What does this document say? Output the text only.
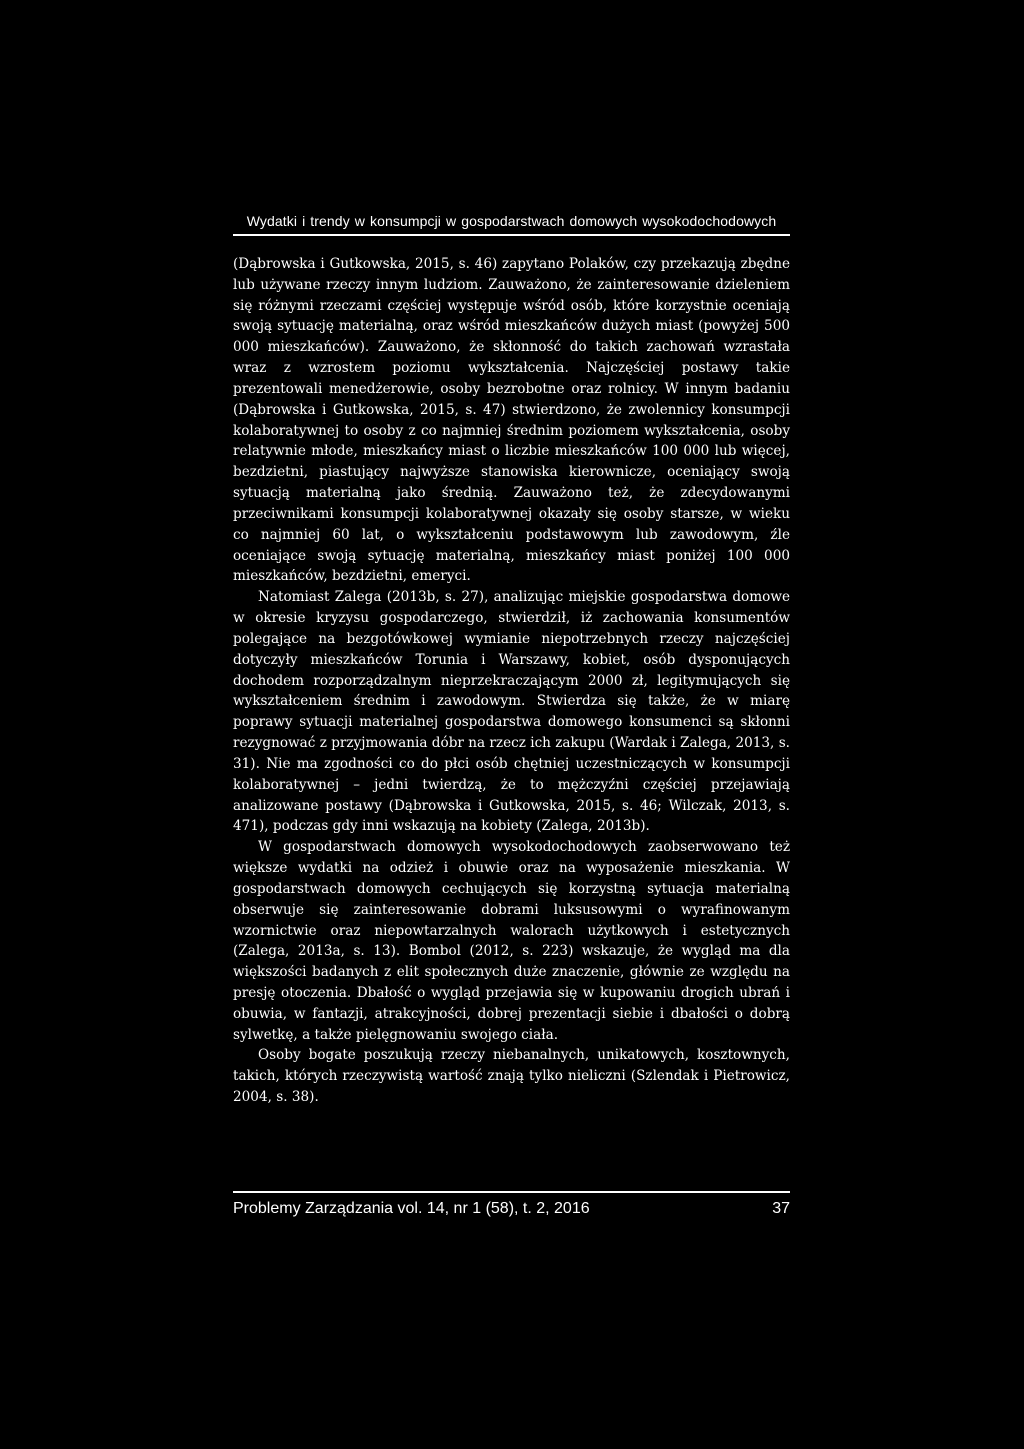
Wydatki i trendy w konsumpcji w gospodarstwach domowych wysokodochodowych

(Dąbrowska i Gutkowska, 2015, s. 46) zapytano Polaków, czy przekazują zbędne lub używane rzeczy innym ludziom. Zauważono, że zainteresowanie dzieleniem się różnymi rzeczami częściej występuje wśród osób, które korzystnie oceniają swoją sytuację materialną, oraz wśród mieszkańców dużych miast (powyżej 500 000 mieszkańców). Zauważono, że skłonność do takich zachowań wzrastała wraz z wzrostem poziomu wykształcenia. Najczęściej postawy takie prezentowali menedżerowie, osoby bezrobotne oraz rolnicy. W innym badaniu (Dąbrowska i Gutkowska, 2015, s. 47) stwierdzono, że zwolennicy konsumpcji kolaboratywnej to osoby z co najmniej średnim poziomem wykształcenia, osoby relatywnie młode, mieszkańcy miast o liczbie mieszkańców 100 000 lub więcej, bezdzietni, piastujący najwyższe stanowiska kierownicze, oceniający swoją sytuacją materialną jako średnią. Zauważono też, że zdecydowanymi przeciwnikami konsumpcji kolaboratywnej okazały się osoby starsze, w wieku co najmniej 60 lat, o wykształceniu podstawowym lub zawodowym, źle oceniające swoją sytuację materialną, mieszkańcy miast poniżej 100 000 mieszkańców, bezdzietni, emeryci.

Natomiast Zalega (2013b, s. 27), analizując miejskie gospodarstwa domowe w okresie kryzysu gospodarczego, stwierdził, iż zachowania konsumentów polegające na bezgotówkowej wymianie niepotrzebnych rzeczy najczęściej dotyczyły mieszkańców Torunia i Warszawy, kobiet, osób dysponujących dochodem rozporządzalnym nieprzekraczającym 2000 zł, legitymujących się wykształceniem średnim i zawodowym. Stwierdza się także, że w miarę poprawy sytuacji materialnej gospodarstwa domowego konsumenci są skłonni rezygnować z przyjmowania dóbr na rzecz ich zakupu (Wardak i Zalega, 2013, s. 31). Nie ma zgodności co do płci osób chętniej uczestniczących w konsumpcji kolaboratywnej – jedni twierdzą, że to mężczyźni częściej przejawiają analizowane postawy (Dąbrowska i Gutkowska, 2015, s. 46; Wilczak, 2013, s. 471), podczas gdy inni wskazują na kobiety (Zalega, 2013b).

W gospodarstwach domowych wysokodochodowych zaobserwowano też większe wydatki na odzież i obuwie oraz na wyposażenie mieszkania. W gospodarstwach domowych cechujących się korzystną sytuacja materialną obserwuje się zainteresowanie dobrami luksusowymi o wyrafinowanym wzornictwie oraz niepowtarzalnych walorach użytkowych i estetycznych (Zalega, 2013a, s. 13). Bombol (2012, s. 223) wskazuje, że wygląd ma dla większości badanych z elit społecznych duże znaczenie, głównie ze względu na presję otoczenia. Dbałość o wygląd przejawia się w kupowaniu drogich ubrań i obuwia, w fantazji, atrakcyjności, dobrej prezentacji siebie i dbałości o dobrą sylwetkę, a także pielęgnowaniu swojego ciała.

Osoby bogate poszukują rzeczy niebanalnych, unikatowych, kosztownych, takich, których rzeczywistą wartość znają tylko nieliczni (Szlendak i Pietrowicz, 2004, s. 38).

Problemy Zarządzania vol. 14, nr 1 (58), t. 2, 2016	37
